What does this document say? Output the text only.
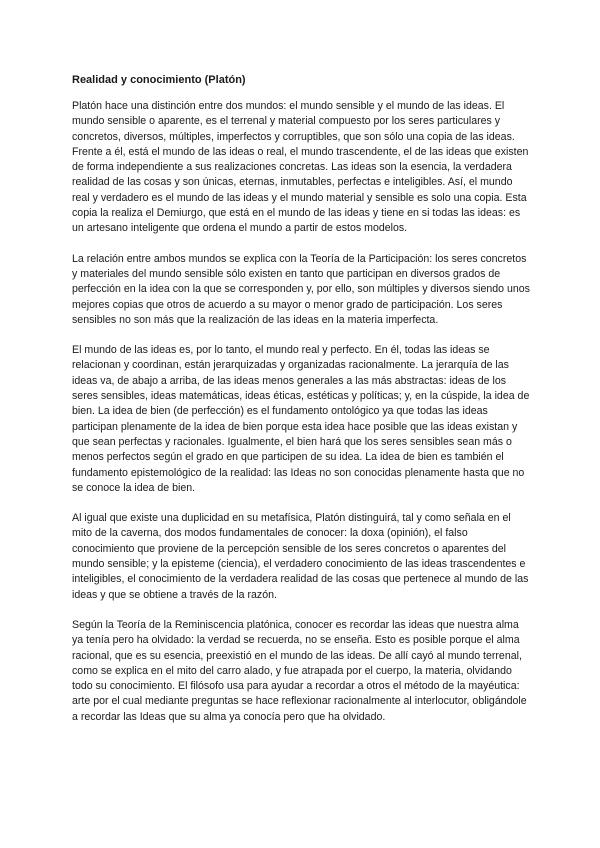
Realidad y conocimiento (Platón)

Platón hace una distinción entre dos mundos: el mundo sensible y el mundo de las ideas. El mundo sensible o aparente, es el terrenal y material compuesto por los seres particulares y concretos, diversos, múltiples, imperfectos y corruptibles, que son sólo una copia de las ideas. Frente a él, está el mundo de las ideas o real, el mundo trascendente, el de las ideas que existen de forma independiente a sus realizaciones concretas. Las ideas son la esencia, la verdadera realidad de las cosas y son únicas, eternas, inmutables, perfectas e inteligibles. Así, el mundo real y verdadero es el mundo de las ideas y el mundo material y sensible es solo una copia. Esta copia la realiza el Demiurgo, que está en el mundo de las ideas y tiene en si todas las ideas: es un artesano inteligente que ordena el mundo a partir de estos modelos.

La relación entre ambos mundos se explica con la Teoría de la Participación: los seres concretos y materiales del mundo sensible sólo existen en tanto que participan en diversos grados de perfección en la idea con la que se corresponden y, por ello, son múltiples y diversos siendo unos mejores copias que otros de acuerdo a su mayor o menor grado de participación. Los seres sensibles no son más que la realización de las ideas en la materia imperfecta.

El mundo de las ideas es, por lo tanto, el mundo real y perfecto. En él, todas las ideas se relacionan y coordinan, están jerarquizadas y organizadas racionalmente. La jerarquía de las ideas va, de abajo a arriba, de las ideas menos generales a las más abstractas: ideas de los seres sensibles, ideas matemáticas, ideas éticas, estéticas y políticas; y, en la cúspide, la idea de bien. La idea de bien (de perfección) es el fundamento ontológico ya que todas las ideas participan plenamente de la idea de bien porque esta idea hace posible que las ideas existan y que sean perfectas y racionales. Igualmente, el bien hará que los seres sensibles sean más o menos perfectos según el grado en que participen de su idea. La idea de bien es también el fundamento epistemológico de la realidad: las Ideas no son conocidas plenamente hasta que no se conoce la idea de bien.

Al igual que existe una duplicidad en su metafísica, Platón distinguirá, tal y como señala en el mito de la caverna, dos modos fundamentales de conocer: la doxa (opinión), el falso conocimiento que proviene de la percepción sensible de los seres concretos o aparentes del mundo sensible; y la episteme (ciencia), el verdadero conocimiento de las ideas trascendentes e inteligibles, el conocimiento de la verdadera realidad de las cosas que pertenece al mundo de las ideas y que se obtiene a través de la razón.

Según la Teoría de la Reminiscencia platónica, conocer es recordar las ideas que nuestra alma ya tenía pero ha olvidado: la verdad se recuerda, no se enseña. Esto es posible porque el alma racional, que es su esencia, preexistió en el mundo de las ideas. De allí cayó al mundo terrenal, como se explica en el mito del carro alado, y fue atrapada por el cuerpo, la materia, olvidando todo su conocimiento. El filósofo usa para ayudar a recordar a otros el método de la mayéutica: arte por el cual mediante preguntas se hace reflexionar racionalmente al interlocutor, obligándole a recordar las Ideas que su alma ya conocía pero que ha olvidado.
